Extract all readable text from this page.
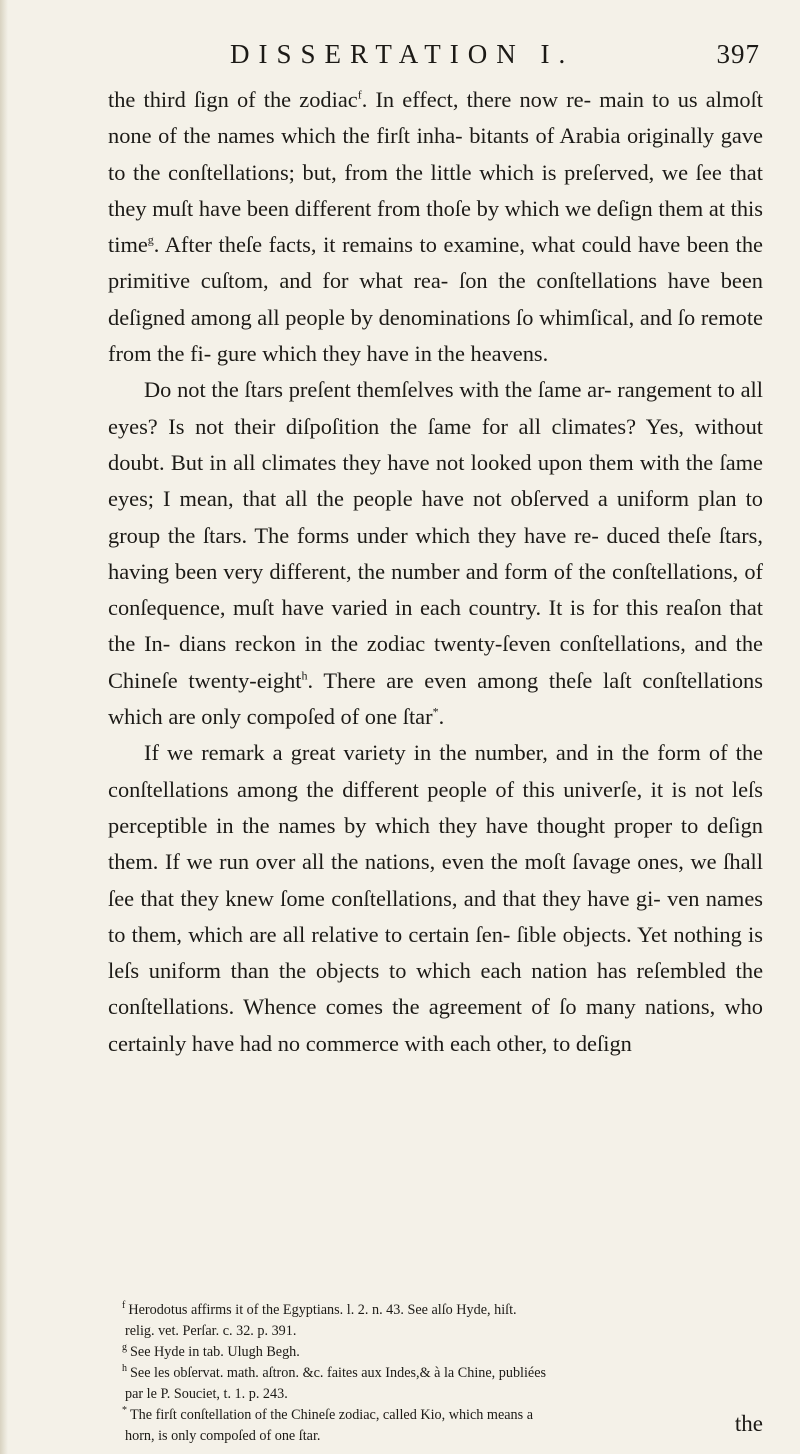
DISSERTATION I.	397

the third ſign of the zodiac$^f$. In effect, there now re- main to us almoſt none of the names which the firſt inha- bitants of Arabia originally gave to the conſtellations; but, from the little which is preſerved, we ſee that they muſt have been different from thoſe by which we deſign them at this time$^g$. After theſe facts, it remains to examine, what could have been the primitive cuſtom, and for what rea- ſon the conſtellations have been deſigned among all people by denominations ſo whimſical, and ſo remote from the fi- gure which they have in the heavens.

Do not the ſtars preſent themſelves with the ſame ar- rangement to all eyes? Is not their diſpoſition the ſame for all climates? Yes, without doubt. But in all climates they have not looked upon them with the ſame eyes; I mean, that all the people have not obſerved a uniform plan to group the ſtars. The forms under which they have re- duced theſe ſtars, having been very different, the number and form of the conſtellations, of conſequence, muſt have varied in each country. It is for this reaſon that the In- dians reckon in the zodiac twenty-ſeven conſtellations, and the Chineſe twenty-eight$^h$. There are even among theſe laſt conſtellations which are only compoſed of one ſtar*.

If we remark a great variety in the number, and in the form of the conſtellations among the different people of this univerſe, it is not leſs perceptible in the names by which they have thought proper to deſign them. If we run over all the nations, even the moſt ſavage ones, we ſhall ſee that they knew ſome conſtellations, and that they have gi- ven names to them, which are all relative to certain ſen- ſible objects. Yet nothing is leſs uniform than the objects to which each nation has reſembled the conſtellations. Whence comes the agreement of ſo many nations, who certainly have had no commerce with each other, to deſign

$^f$ Herodotus affirms it of the Egyptians. l. 2. n. 43. See alſo Hyde, hiſt.
relig. vet. Perſar. c. 32. p. 391.
$^g$ See Hyde in tab. Ulugh Begh.
$^h$ See les obſervat. math. aſtron. &c. faites aux Indes,& à la Chine, publiées
par le P. Souciet, t. 1. p. 243.
* The firſt conſtellation of the Chineſe zodiac, called Kio, which means a
horn, is only compoſed of one ſtar.	the
